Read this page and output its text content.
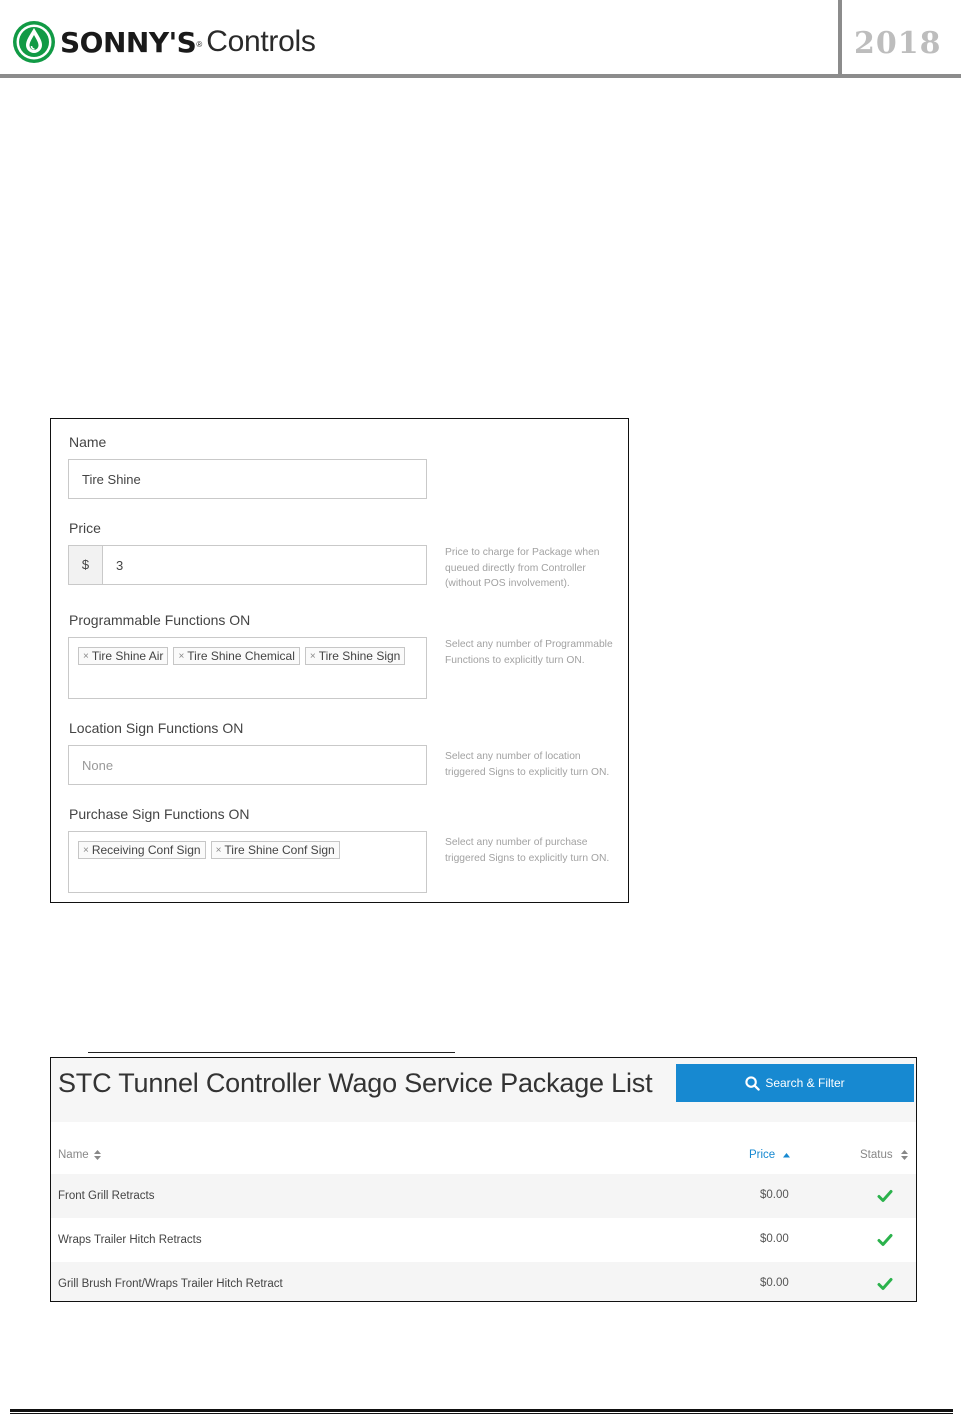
SONNY'S ® Controls	2018
Name
Tire Shine
Price
$	3
Price to charge for Package when queued directly from Controller (without POS involvement).
Programmable Functions ON
× Tire Shine Air × Tire Shine Chemical × Tire Shine Sign
Select any number of Programmable Functions to explicitly turn ON.
Location Sign Functions ON
None
Select any number of location triggered Signs to explicitly turn ON.
Purchase Sign Functions ON
× Receiving Conf Sign × Tire Shine Conf Sign
Select any number of purchase triggered Signs to explicitly turn ON.
STC Tunnel Controller Wago Service Package List	Search & Filter
Name	Price	Status
Front Grill Retracts	$0.00
Wraps Trailer Hitch Retracts	$0.00
Grill Brush Front/Wraps Trailer Hitch Retract	$0.00
